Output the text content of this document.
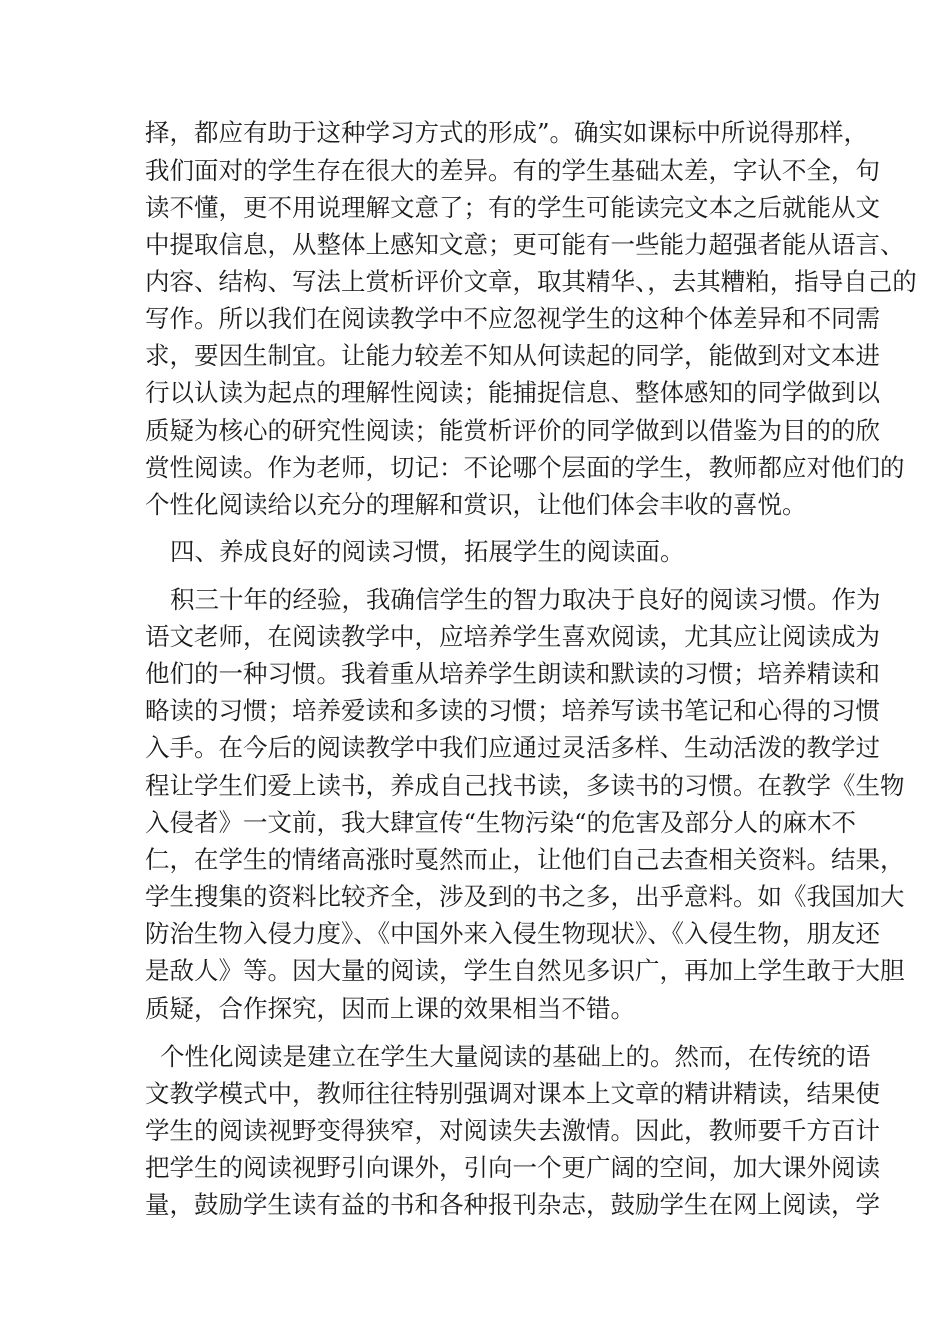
择，都应有助于这种学习方式的形成”。确实如课标中所说得那样，
我们面对的学生存在很大的差异。有的学生基础太差，字认不全，句
读不懂，更不用说理解文意了；有的学生可能读完文本之后就能从文
中提取信息，从整体上感知文意；更可能有一些能力超强者能从语言、
内容、结构、写法上赏析评价文章，取其精华、，去其糟粕，指导自己的
写作。所以我们在阅读教学中不应忽视学生的这种个体差异和不同需
求，要因生制宜。让能力较差不知从何读起的同学，能做到对文本进
行以认读为起点的理解性阅读；能捕捉信息、整体感知的同学做到以
质疑为核心的研究性阅读；能赏析评价的同学做到以借鉴为目的的欣
赏性阅读。作为老师，切记：不论哪个层面的学生，教师都应对他们的
个性化阅读给以充分的理解和赏识，让他们体会丰收的喜悦。
四、养成良好的阅读习惯，拓展学生的阅读面。
积三十年的经验，我确信学生的智力取决于良好的阅读习惯。作为
语文老师，在阅读教学中，应培养学生喜欢阅读，尤其应让阅读成为
他们的一种习惯。我着重从培养学生朗读和默读的习惯；培养精读和
略读的习惯；培养爱读和多读的习惯；培养写读书笔记和心得的习惯
入手。在今后的阅读教学中我们应通过灵活多样、生动活泼的教学过
程让学生们爱上读书，养成自己找书读，多读书的习惯。在教学《生物
入侵者》一文前，我大肆宣传“生物污染“的危害及部分人的麻木不
仁，在学生的情绪高涨时戛然而止，让他们自己去查相关资料。结果，
学生搜集的资料比较齐全，涉及到的书之多，出乎意料。如《我国加大
防治生物入侵力度》、《中国外来入侵生物现状》、《入侵生物，朋友还
是敌人》等。因大量的阅读，学生自然见多识广，再加上学生敢于大胆
质疑，合作探究，因而上课的效果相当不错。
个性化阅读是建立在学生大量阅读的基础上的。然而，在传统的语
文教学模式中，教师往往特别强调对课本上文章的精讲精读，结果使
学生的阅读视野变得狭窄，对阅读失去激情。因此，教师要千方百计
把学生的阅读视野引向课外，引向一个更广阔的空间，加大课外阅读
量，鼓励学生读有益的书和各种报刊杂志，鼓励学生在网上阅读，学
